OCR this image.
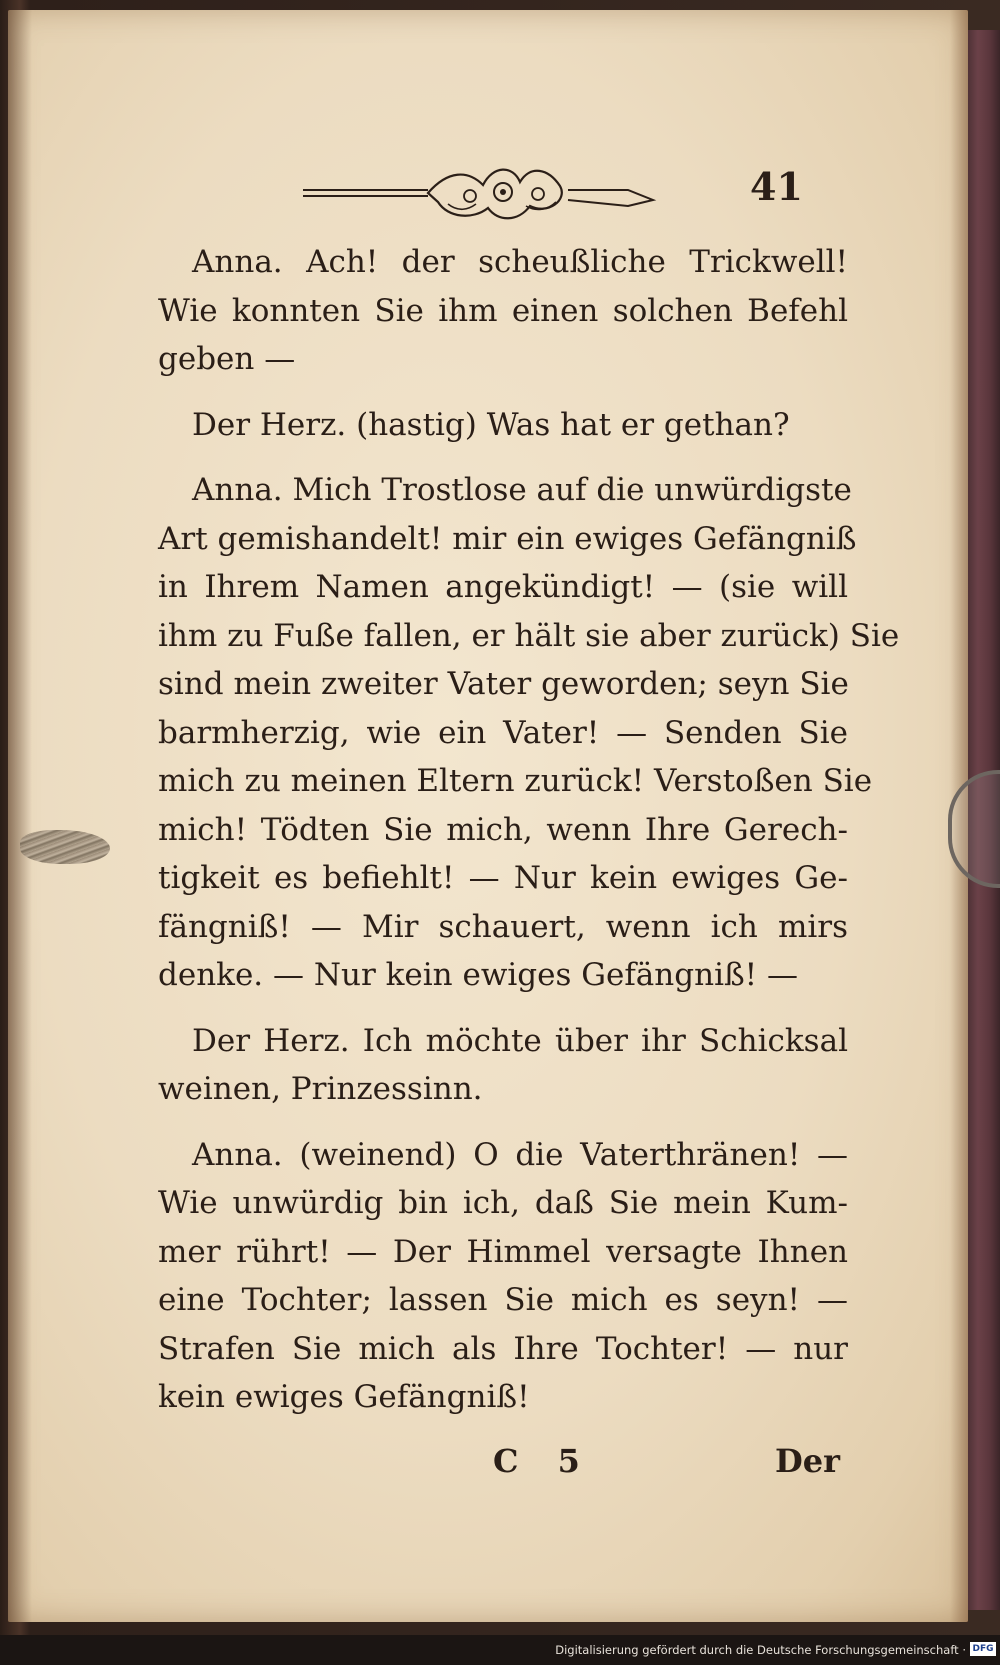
41

Anna. Ach! der scheußliche Trickwell!
Wie konnten Sie ihm einen solchen Befehl
geben —

Der Herz. (hastig) Was hat er gethan?

Anna. Mich Trostlose auf die unwürdigste
Art gemishandelt! mir ein ewiges Gefängniß
in Ihrem Namen angekündigt! — (sie will
ihm zu Fuße fallen, er hält sie aber zurück) Sie
sind mein zweiter Vater geworden; seyn Sie
barmherzig, wie ein Vater! — Senden Sie
mich zu meinen Eltern zurück! Verstoßen Sie
mich! Tödten Sie mich, wenn Ihre Gerech-
tigkeit es befiehlt! — Nur kein ewiges Ge-
fängniß! — Mir schauert, wenn ich mirs
denke. — Nur kein ewiges Gefängniß! —

Der Herz. Ich möchte über ihr Schicksal
weinen, Prinzessinn.

Anna. (weinend) O die Vaterthränen! —
Wie unwürdig bin ich, daß Sie mein Kum-
mer rührt! — Der Himmel versagte Ihnen
eine Tochter; lassen Sie mich es seyn! —
Strafen Sie mich als Ihre Tochter! — nur
kein ewiges Gefängniß!

C 5	Der
Digitalisierung gefördert durch die Deutsche Forschungsgemeinschaft · DFG
